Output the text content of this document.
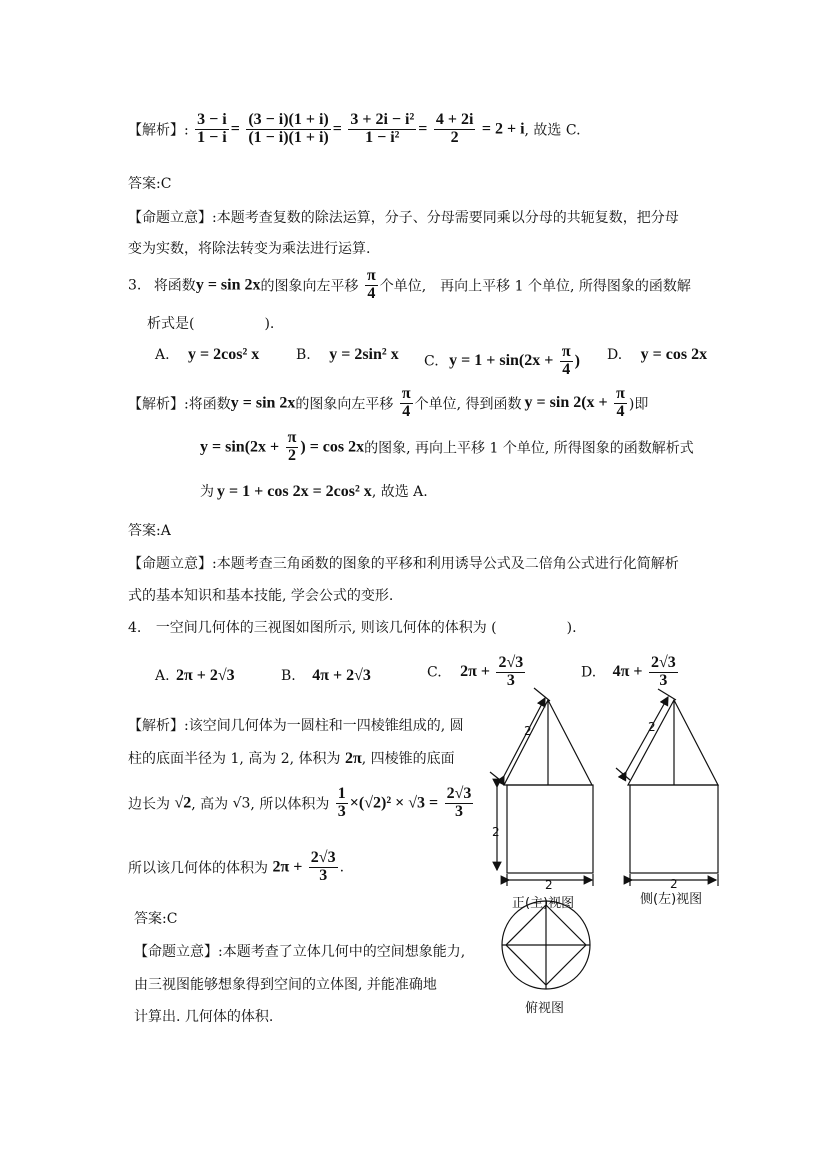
【解析】: $\frac{3 - i}{1 - i} = \frac{(3 - i)(1 + i)}{(1 - i)(1 + i)} = \frac{\text{3 + 2i − i²}}{\text{1 − i²}} = \frac{4 + 2i}{2} = 2 + i$, 故选 C.
答案:C
【命题立意】:本题考查复数的除法运算，分子、分母需要同乘以分母的共轭复数，把分母
变为实数，将除法转变为乘法进行运算.
3. 将函数y = sin 2x的图象向左平移 $\frac{\pi}{4}$ 个单位,　再向上平移 1 个单位, 所得图象的函数解
析式是(　　　　　).
A. y = 2cos² x	B. y = 2sin² x C. $y = 1 + \sin(2x + \frac{\pi}{4}$ ) D. y = cos 2x
【解析】:将函数y = sin 2x的图象向左平移 $\frac{\pi}{4}$ 个单位, 得到函数 $y = \sin 2(x + \frac{\pi}{4}$ )即
$y = \sin(2x + \frac{\pi}{2}$ ) = cos 2x的图象, 再向上平移 1 个单位, 所得图象的函数解析式
为 y = 1 + cos 2x = 2cos² x, 故选 A.
答案:A
【命题立意】:本题考查三角函数的图象的平移和利用诱导公式及二倍角公式进行化简解析
式的基本知识和基本技能, 学会公式的变形.
4. 一空间几何体的三视图如图所示, 则该几何体的体积为 (　　　　　).
A. 2π + 2√3	B. 4π + 2√3	C. $2\pi + \frac{2√3}{3}$	D. $4\pi + \frac{2√3}{3}$
【解析】:该空间几何体为一圆柱和一四棱锥组成的, 圆
柱的底面半径为 1, 高为 2, 体积为 2π, 四棱锥的底面
边长为 √2, 高为 √3, 所以体积为 $\frac{1}{3} \times(√2)^2 \times √3 = \frac{2√3}{3}$
所以该几何体的体积为 $2\pi + \frac{2√3}{3}$ .
答案:C
【命题立意】:本题考查了立体几何中的空间想象能力,
由三视图能够想象得到空间的立体图, 并能准确地
计算出. 几何体的体积.
2
2
2
2
2
正(主)视图	侧(左)视图
俯视图
